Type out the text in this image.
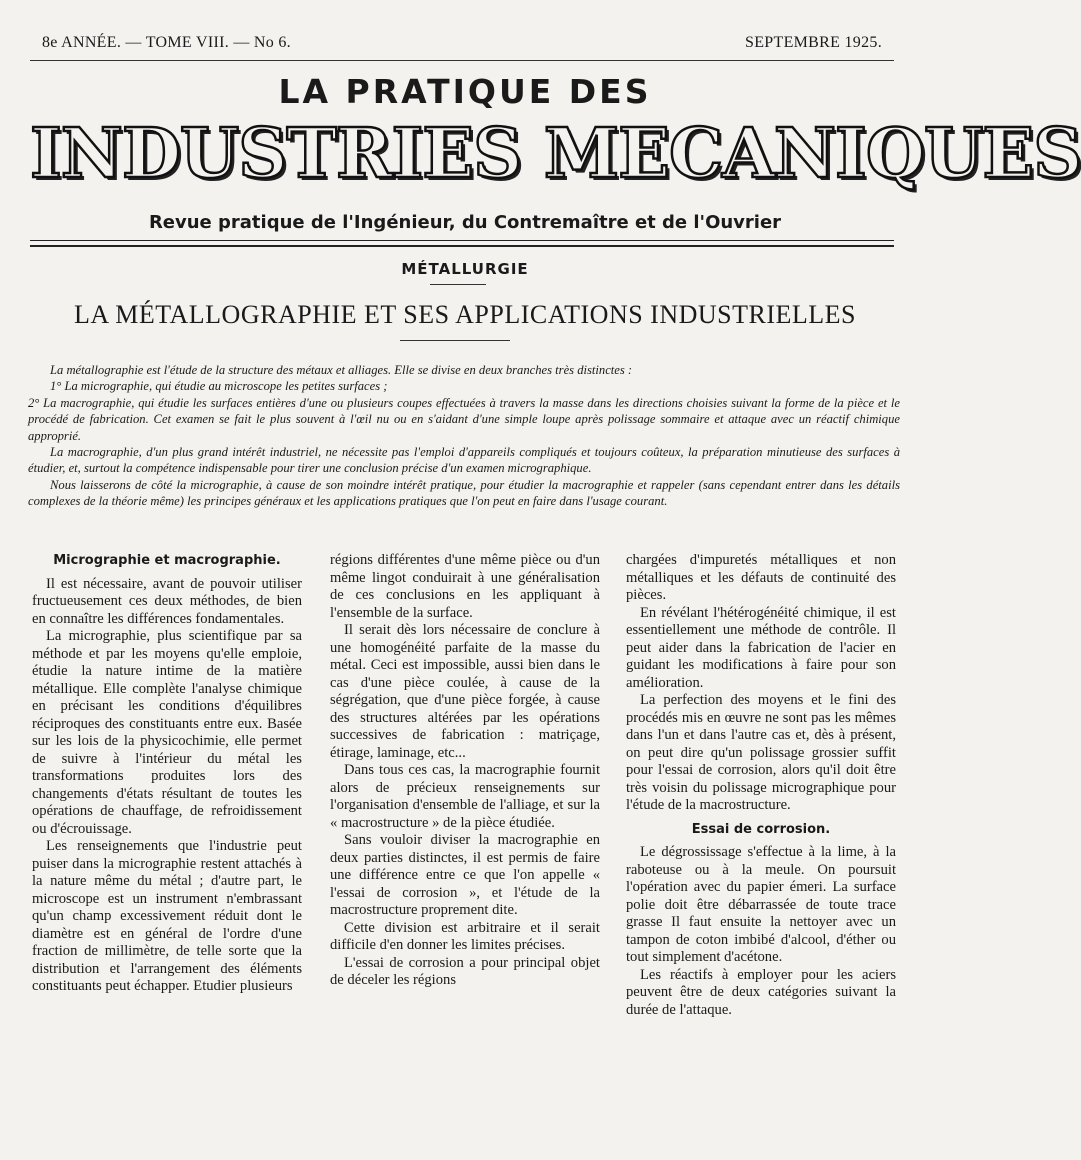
8e ANNÉE. — TOME VIII. — No 6.	SEPTEMBRE 1925.
LA PRATIQUE DES
INDUSTRIES MECANIQUES
Revue pratique de l'Ingénieur, du Contremaître et de l'Ouvrier
MÉTALLURGIE
LA MÉTALLOGRAPHIE ET SES APPLICATIONS INDUSTRIELLES

La métallographie est l'étude de la structure des métaux et alliages. Elle se divise en deux branches très distinctes :

1° La micrographie, qui étudie au microscope les petites surfaces ;

2° La macrographie, qui étudie les surfaces entières d'une ou plusieurs coupes effectuées à travers la masse dans les directions choisies suivant la forme de la pièce et le procédé de fabrication. Cet examen se fait le plus souvent à l'œil nu ou en s'aidant d'une simple loupe après polissage sommaire et attaque avec un réactif chimique approprié.

La macrographie, d'un plus grand intérêt industriel, ne nécessite pas l'emploi d'appareils compliqués et toujours coûteux, la préparation minutieuse des surfaces à étudier, et, surtout la compétence indispensable pour tirer une conclusion précise d'un examen micrographique.

Nous laisserons de côté la micrographie, à cause de son moindre intérêt pratique, pour étudier la macrographie et rappeler (sans cependant entrer dans les détails complexes de la théorie même) les principes généraux et les applications pratiques que l'on peut en faire dans l'usage courant.

Micrographie et macrographie.

Il est nécessaire, avant de pouvoir utiliser fructueusement ces deux méthodes, de bien en connaître les différences fondamentales.

La micrographie, plus scientifique par sa méthode et par les moyens qu'elle emploie, étudie la nature intime de la matière métallique. Elle complète l'analyse chimique en précisant les conditions d'équilibres réciproques des constituants entre eux. Basée sur les lois de la physicochimie, elle permet de suivre à l'intérieur du métal les transformations produites lors des changements d'états résultant de toutes les opérations de chauffage, de refroidissement ou d'écrouissage.

Les renseignements que l'industrie peut puiser dans la micrographie restent attachés à la nature même du métal ; d'autre part, le microscope est un instrument n'embrassant qu'un champ excessivement réduit dont le diamètre est en général de l'ordre d'une fraction de millimètre, de telle sorte que la distribution et l'arrangement des éléments constituants peut échapper. Etudier plusieurs

régions différentes d'une même pièce ou d'un même lingot conduirait à une généralisation de ces conclusions en les appliquant à l'ensemble de la surface.

Il serait dès lors nécessaire de conclure à une homogénéité parfaite de la masse du métal. Ceci est impossible, aussi bien dans le cas d'une pièce coulée, à cause de la ségrégation, que d'une pièce forgée, à cause des structures altérées par les opérations successives de fabrication : matriçage, étirage, laminage, etc...

Dans tous ces cas, la macrographie fournit alors de précieux renseignements sur l'organisation d'ensemble de l'alliage, et sur la « macrostructure » de la pièce étudiée.

Sans vouloir diviser la macrographie en deux parties distinctes, il est permis de faire une différence entre ce que l'on appelle « l'essai de corrosion », et l'étude de la macrostructure proprement dite.

Cette division est arbitraire et il serait difficile d'en donner les limites précises.

L'essai de corrosion a pour principal objet de déceler les régions

chargées d'impuretés métalliques et non métalliques et les défauts de continuité des pièces.

En révélant l'hétérogénéité chimique, il est essentiellement une méthode de contrôle. Il peut aider dans la fabrication de l'acier en guidant les modifications à faire pour son amélioration.

La perfection des moyens et le fini des procédés mis en œuvre ne sont pas les mêmes dans l'un et dans l'autre cas et, dès à présent, on peut dire qu'un polissage grossier suffit pour l'essai de corrosion, alors qu'il doit être très voisin du polissage micrographique pour l'étude de la macrostructure.

Essai de corrosion.

Le dégrossissage s'effectue à la lime, à la raboteuse ou à la meule. On poursuit l'opération avec du papier émeri. La surface polie doit être débarrassée de toute trace grasse Il faut ensuite la nettoyer avec un tampon de coton imbibé d'alcool, d'éther ou tout simplement d'acétone.

Les réactifs à employer pour les aciers peuvent être de deux catégories suivant la durée de l'attaque.
